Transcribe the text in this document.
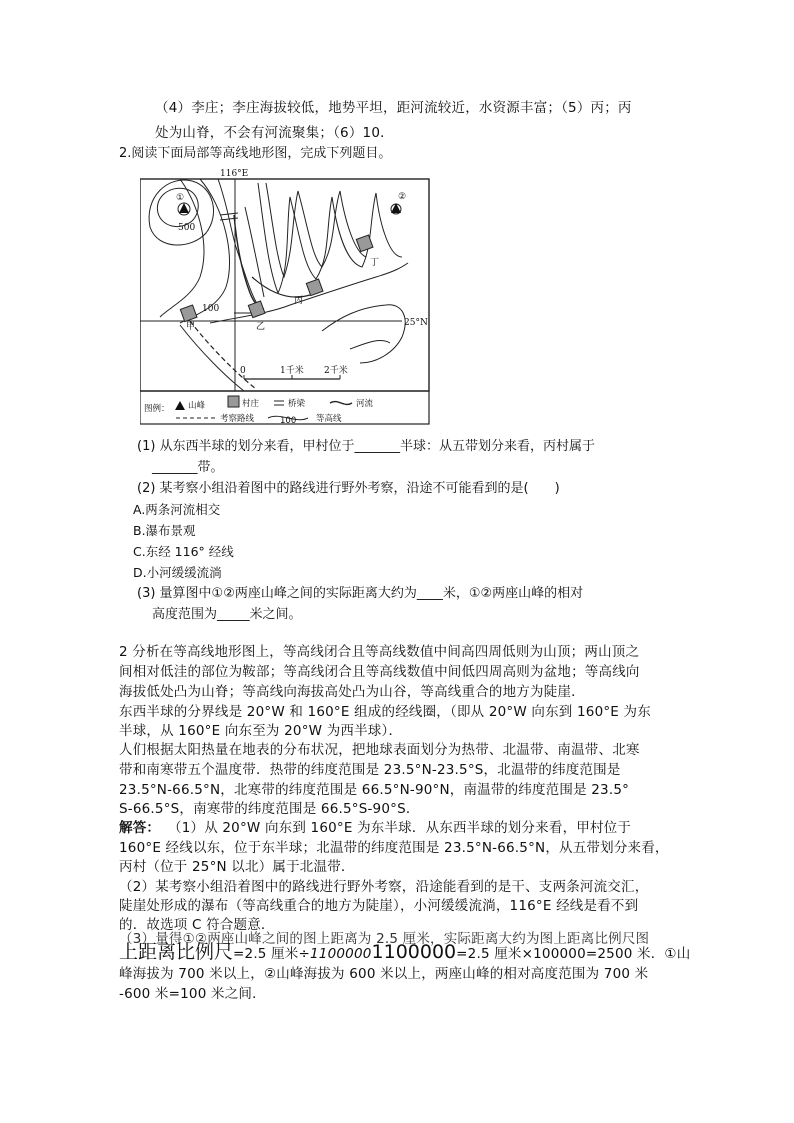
（4）李庄；李庄海拔较低，地势平坦，距河流较近，水资源丰富；（5）丙；丙
处为山脊，不会有河流聚集；（6）10．
2.阅读下面局部等高线地形图，完成下列题目。
116°E
25°N
500
100
①	②
甲	乙
丙
丁
0	1千米 2千米
图例： 山峰	村庄	桥梁	河流
考察路线	100 等高线
(1) 从东西半球的划分来看，甲村位于_______半球：从五带划分来看，丙村属于
_______带。
(2) 某考察小组沿着图中的路线进行野外考察，沿途不可能看到的是(　　)
A.两条河流相交
B.瀑布景观
C.东经 116° 经线
D.小河缓缓流淌
(3) 量算图中①②两座山峰之间的实际距离大约为____米，①②两座山峰的相对
高度范围为_____米之间。
2 分析在等高线地形图上，等高线闭合且等高线数值中间高四周低则为山顶；两山顶之
间相对低洼的部位为鞍部；等高线闭合且等高线数值中间低四周高则为盆地；等高线向
海拔低处凸为山脊；等高线向海拔高处凸为山谷，等高线重合的地方为陡崖．
东西半球的分界线是 20°W 和 160°E 组成的经线圈，（即从 20°W 向东到 160°E 为东
半球，从 160°E 向东至为 20°W 为西半球）．
人们根据太阳热量在地表的分布状况，把地球表面划分为热带、北温带、南温带、北寒
带和南寒带五个温度带．热带的纬度范围是 23.5°N-23.5°S，北温带的纬度范围是
23.5°N-66.5°N，北寒带的纬度范围是 66.5°N-90°N，南温带的纬度范围是 23.5°
S-66.5°S，南寒带的纬度范围是 66.5°S-90°S．
解答： （1）从 20°W 向东到 160°E 为东半球．从东西半球的划分来看，甲村位于
160°E 经线以东，位于东半球；北温带的纬度范围是 23.5°N-66.5°N，从五带划分来看，
丙村（位于 25°N 以北）属于北温带．
（2）某考察小组沿着图中的路线进行野外考察，沿途能看到的是干、支两条河流交汇，
陡崖处形成的瀑布（等高线重合的地方为陡崖），小河缓缓流淌，116°E 经线是看不到
的．故选项 C 符合题意．
（3）量得①②两座山峰之间的图上距离为 2.5 厘米，实际距离大约为图上距离比例尺图
上距离比例尺=2.5 厘米÷11000001100000=2.5 厘米×100000=2500 米．①山
峰海拔为 700 米以上，②山峰海拔为 600 米以上，两座山峰的相对高度范围为 700 米
-600 米=100 米之间．
